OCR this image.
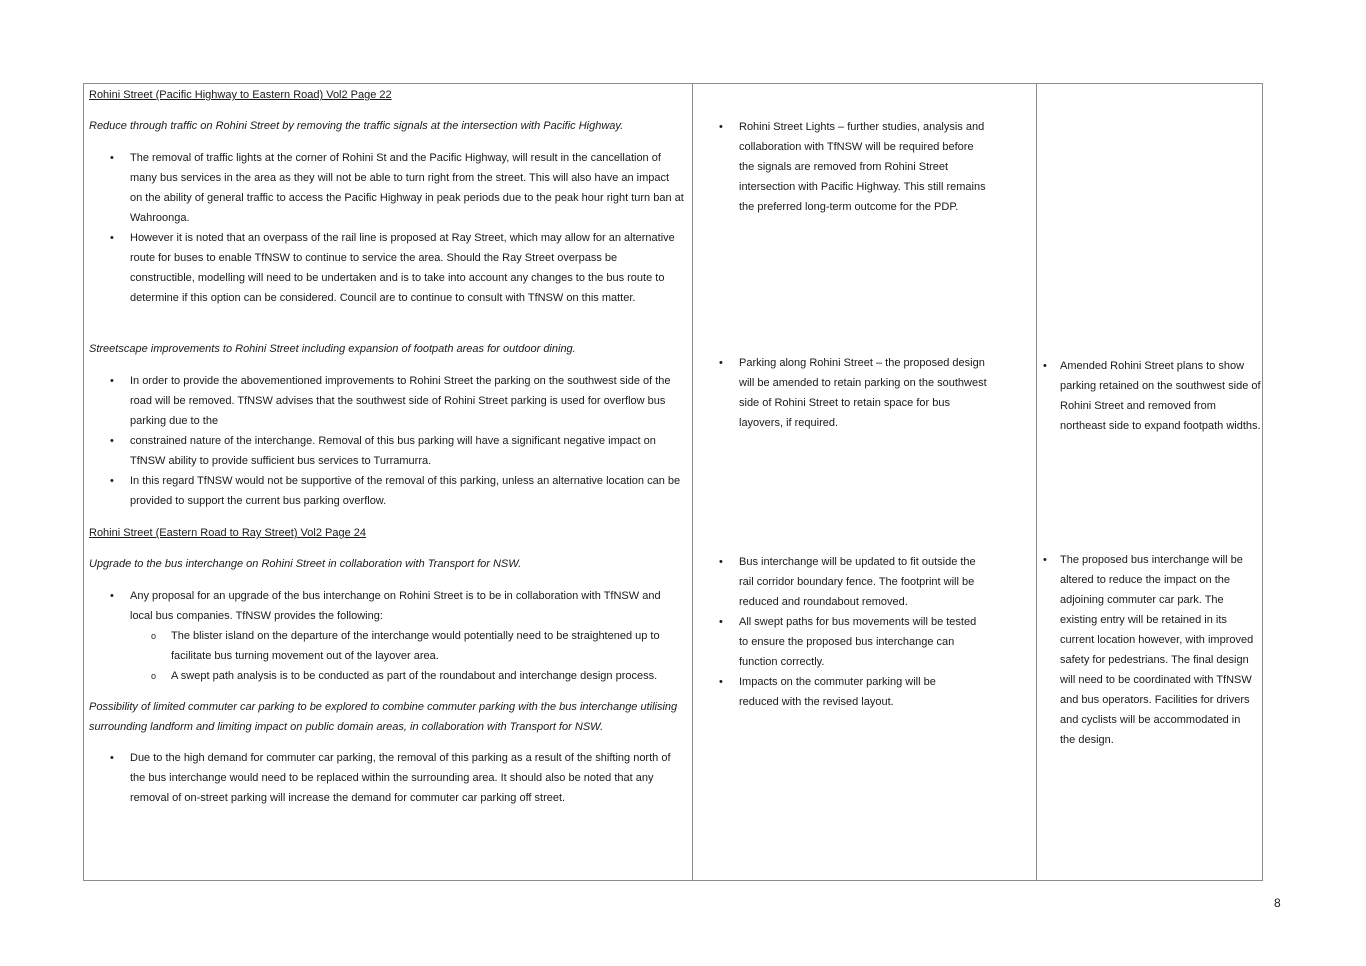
Rohini Street (Pacific Highway to Eastern Road) Vol2 Page 22

Reduce through traffic on Rohini Street by removing the traffic signals at the intersection with Pacific Highway.

• The removal of traffic lights at the corner of Rohini St and the Pacific Highway, will result in the cancellation of many bus services in the area as they will not be able to turn right from the street. This will also have an impact on the ability of general traffic to access the Pacific Highway in peak periods due to the peak hour right turn ban at Wahroonga.
• However it is noted that an overpass of the rail line is proposed at Ray Street, which may allow for an alternative route for buses to enable TfNSW to continue to service the area. Should the Ray Street overpass be constructible, modelling will need to be undertaken and is to take into account any changes to the bus route to determine if this option can be considered. Council are to continue to consult with TfNSW on this matter.

Streetscape improvements to Rohini Street including expansion of footpath areas for outdoor dining.

• In order to provide the abovementioned improvements to Rohini Street the parking on the southwest side of the road will be removed. TfNSW advises that the southwest side of Rohini Street parking is used for overflow bus parking due to the
• constrained nature of the interchange. Removal of this bus parking will have a significant negative impact on TfNSW ability to provide sufficient bus services to Turramurra.
• In this regard TfNSW would not be supportive of the removal of this parking, unless an alternative location can be provided to support the current bus parking overflow.

Rohini Street (Eastern Road to Ray Street) Vol2 Page 24

Upgrade to the bus interchange on Rohini Street in collaboration with Transport for NSW.

• Any proposal for an upgrade of the bus interchange on Rohini Street is to be in collaboration with TfNSW and local bus companies. TfNSW provides the following:
o The blister island on the departure of the interchange would potentially need to be straightened up to facilitate bus turning movement out of the layover area.
o A swept path analysis is to be conducted as part of the roundabout and interchange design process.

Possibility of limited commuter car parking to be explored to combine commuter parking with the bus interchange utilising surrounding landform and limiting impact on public domain areas, in collaboration with Transport for NSW.

• Due to the high demand for commuter car parking, the removal of this parking as a result of the shifting north of the bus interchange would need to be replaced within the surrounding area. It should also be noted that any removal of on-street parking will increase the demand for commuter car parking off street.
• Rohini Street Lights – further studies, analysis and collaboration with TfNSW will be required before the signals are removed from Rohini Street intersection with Pacific Highway. This still remains the preferred long-term outcome for the PDP.
• Parking along Rohini Street – the proposed design will be amended to retain parking on the southwest side of Rohini Street to retain space for bus layovers, if required.
• Bus interchange will be updated to fit outside the rail corridor boundary fence. The footprint will be reduced and roundabout removed.
• All swept paths for bus movements will be tested to ensure the proposed bus interchange can function correctly.
• Impacts on the commuter parking will be reduced with the revised layout.
• Amended Rohini Street plans to show parking retained on the southwest side of Rohini Street and removed from northeast side to expand footpath widths.
• The proposed bus interchange will be altered to reduce the impact on the adjoining commuter car park. The existing entry will be retained in its current location however, with improved safety for pedestrians. The final design will need to be coordinated with TfNSW and bus operators. Facilities for drivers and cyclists will be accommodated in the design.
8
